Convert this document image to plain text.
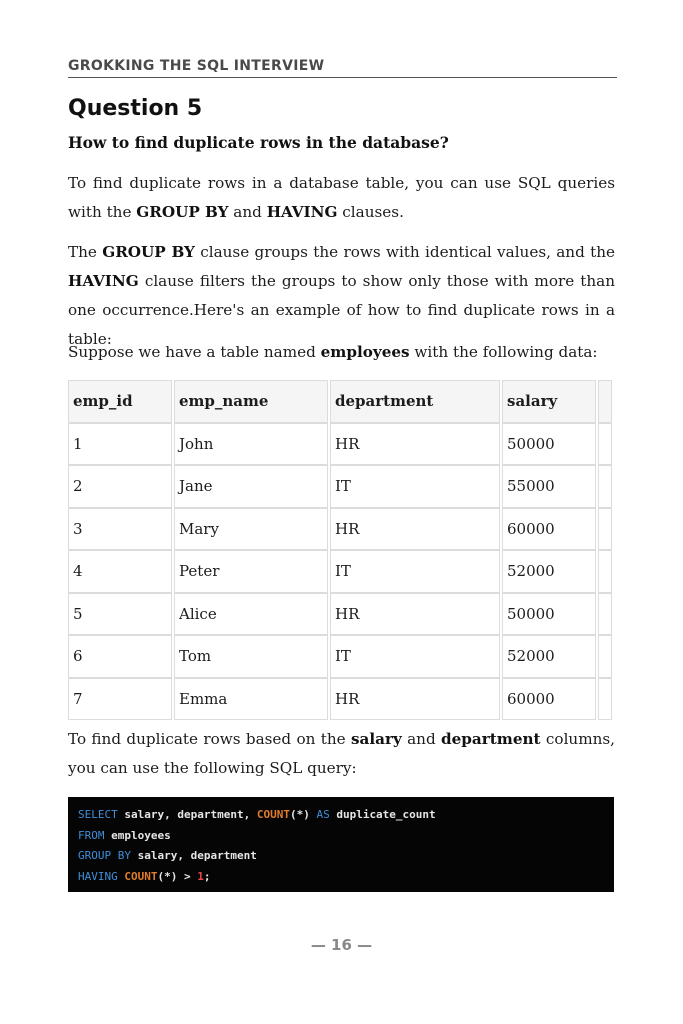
GROKKING THE SQL INTERVIEW
Question 5
How to find duplicate rows in the database?
To find duplicate rows in a database table, you can use SQL queries with the GROUP BY and HAVING clauses.
The GROUP BY clause groups the rows with identical values, and the HAVING clause filters the groups to show only those with more than one occurrence.Here's an example of how to find duplicate rows in a table:
Suppose we have a table named employees with the following data:
emp_id	emp_name	department	salary
1	John	HR	50000
2	Jane	IT	55000
3	Mary	HR	60000
4	Peter	IT	52000
5	Alice	HR	50000
6	Tom	IT	52000
7	Emma	HR	60000
To find duplicate rows based on the salary and department columns, you can use the following SQL query:
SELECT salary, department, COUNT(*) AS duplicate_count
FROM employees
GROUP BY salary, department
HAVING COUNT(*) > 1;
— 16 —
